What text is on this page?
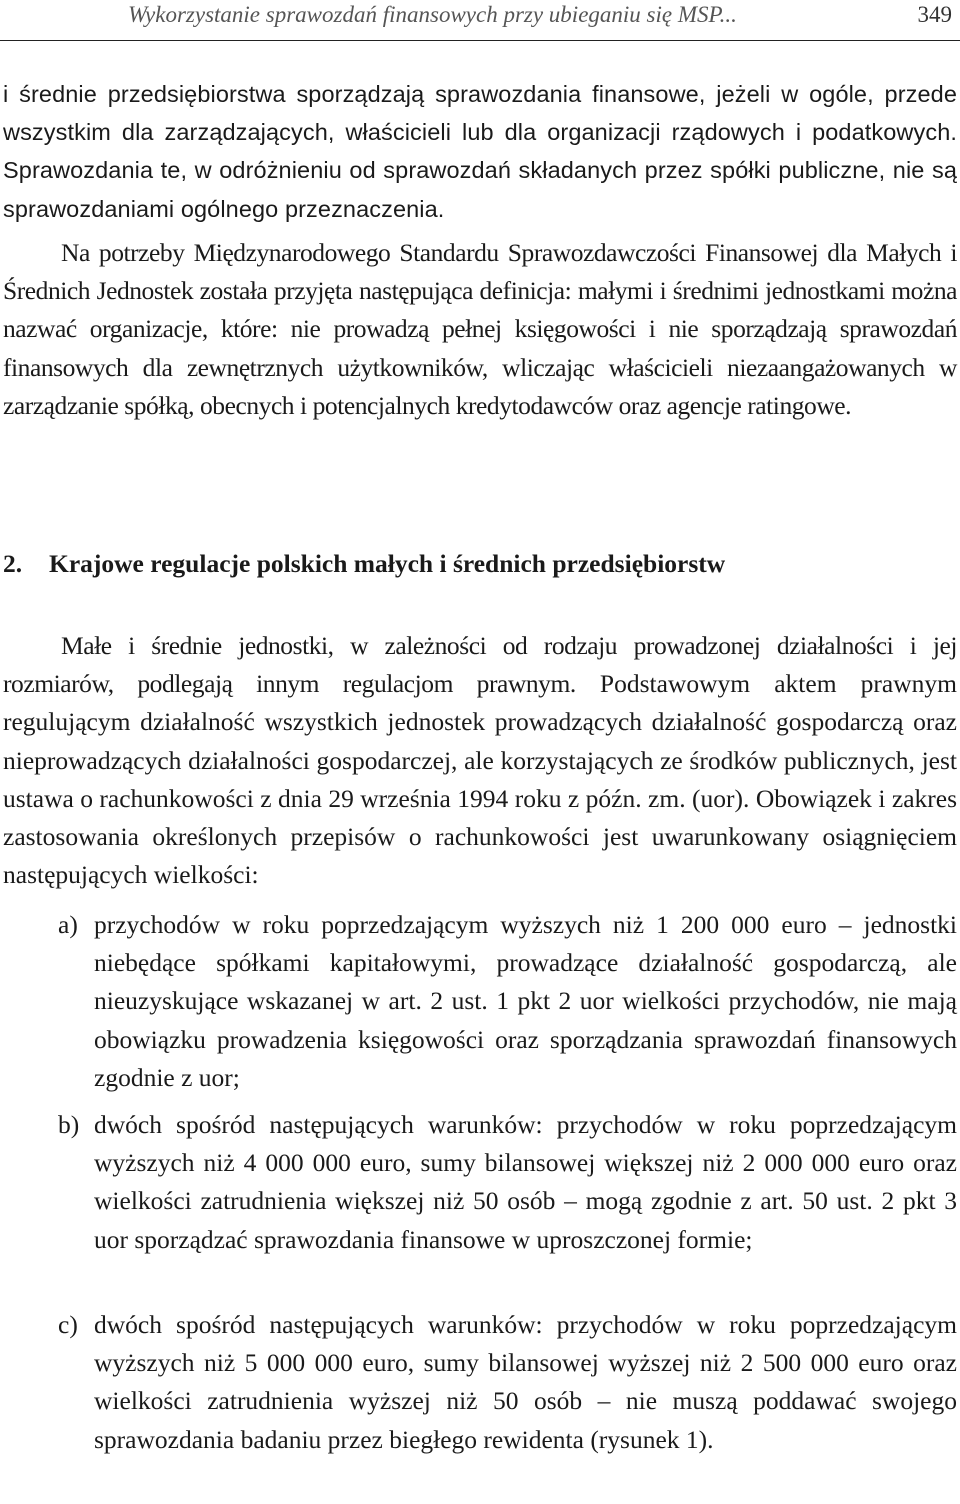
Wykorzystanie sprawozdań finansowych przy ubieganiu się MSP...	349

i średnie przedsiębiorstwa sporządzają sprawozdania finansowe, jeżeli w ogóle, przede wszystkim dla zarządzających, właścicieli lub dla organizacji rządowych i podatkowych. Sprawozdania te, w odróżnieniu od sprawozdań składanych przez spółki publiczne, nie są sprawozdaniami ogólnego przeznaczenia.

Na potrzeby Międzynarodowego Standardu Sprawozdawczości Finansowej dla Małych i Średnich Jednostek została przyjęta następująca definicja: małymi i średnimi jednostkami można nazwać organizacje, które: nie prowadzą pełnej księgowości i nie sporządzają sprawozdań finansowych dla zewnętrznych użytkowników, wliczając właścicieli niezaangażowanych w zarządzanie spółką, obecnych i potencjalnych kredytodawców oraz agencje ratingowe.

2. Krajowe regulacje polskich małych i średnich przedsiębiorstw

Małe i średnie jednostki, w zależności od rodzaju prowadzonej działalności i jej rozmiarów, podlegają innym regulacjom prawnym. Podstawowym aktem prawnym regulującym działalność wszystkich jednostek prowadzących działalność gospodarczą oraz nieprowadzących działalności gospodarczej, ale korzystających ze środków publicznych, jest ustawa o rachunkowości z dnia 29 września 1994 roku z późn. zm. (uor). Obowiązek i zakres zastosowania określonych przepisów o rachunkowości jest uwarunkowany osiągnięciem następujących wielkości:

a) przychodów w roku poprzedzającym wyższych niż 1 200 000 euro – jednostki niebędące spółkami kapitałowymi, prowadzące działalność gospodarczą, ale nieuzyskujące wskazanej w art. 2 ust. 1 pkt 2 uor wielkości przychodów, nie mają obowiązku prowadzenia księgowości oraz sporządzania sprawozdań finansowych zgodnie z uor;
b) dwóch spośród następujących warunków: przychodów w roku poprzedzającym wyższych niż 4 000 000 euro, sumy bilansowej większej niż 2 000 000 euro oraz wielkości zatrudnienia większej niż 50 osób – mogą zgodnie z art. 50 ust. 2 pkt 3 uor sporządzać sprawozdania finansowe w uproszczonej formie;
c) dwóch spośród następujących warunków: przychodów w roku poprzedzającym wyższych niż 5 000 000 euro, sumy bilansowej wyższej niż 2 500 000 euro oraz wielkości zatrudnienia wyższej niż 50 osób – nie muszą poddawać swojego sprawozdania badaniu przez biegłego rewidenta (rysunek 1).
